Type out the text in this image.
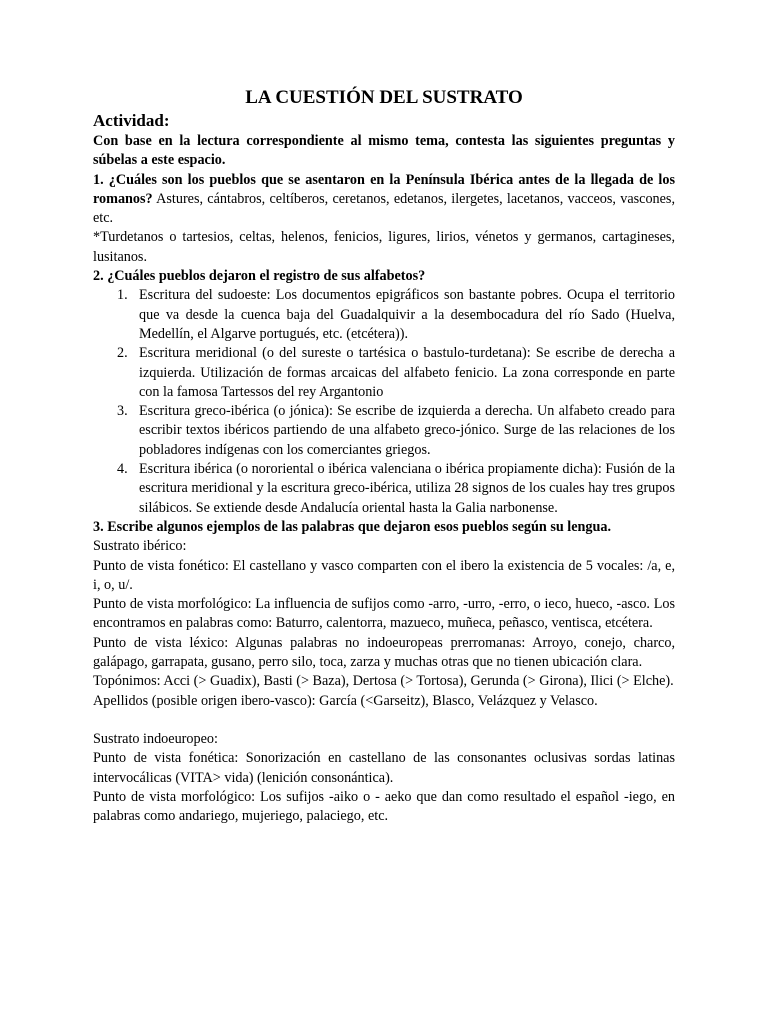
LA CUESTIÓN DEL SUSTRATO
Actividad:

Con base en la lectura correspondiente al mismo tema, contesta las siguientes preguntas y súbelas a este espacio.

1. ¿Cuáles son los pueblos que se asentaron en la Península Ibérica antes de la llegada de los romanos? Astures, cántabros, celtíberos, ceretanos, edetanos, ilergetes, lacetanos, vacceos, vascones, etc.

*Turdetanos o tartesios, celtas, helenos, fenicios, ligures, lirios, vénetos y germanos, cartagineses, lusitanos.

2. ¿Cuáles pueblos dejaron el registro de sus alfabetos?

1. Escritura del sudoeste: Los documentos epigráficos son bastante pobres. Ocupa el territorio que va desde la cuenca baja del Guadalquivir a la desembocadura del río Sado (Huelva, Medellín, el Algarve portugués, etc. (etcétera)).
2. Escritura meridional (o del sureste o tartésica o bastulo-turdetana): Se escribe de derecha a izquierda. Utilización de formas arcaicas del alfabeto fenicio. La zona corresponde en parte con la famosa Tartessos del rey Argantonio
3. Escritura greco-ibérica (o jónica): Se escribe de izquierda a derecha. Un alfabeto creado para escribir textos ibéricos partiendo de una alfabeto greco-jónico. Surge de las relaciones de los pobladores indígenas con los comerciantes griegos.
4. Escritura ibérica (o nororiental o ibérica valenciana o ibérica propiamente dicha): Fusión de la escritura meridional y la escritura greco-ibérica, utiliza 28 signos de los cuales hay tres grupos silábicos. Se extiende desde Andalucía oriental hasta la Galia narbonense.

3. Escribe algunos ejemplos de las palabras que dejaron esos pueblos según su lengua.

Sustrato ibérico:

Punto de vista fonético: El castellano y vasco comparten con el ibero la existencia de 5 vocales: /a, e, i, o, u/.

Punto de vista morfológico: La influencia de sufijos como -arro, -urro, -erro, o ieco, hueco, -asco. Los encontramos en palabras como: Baturro, calentorra, mazueco, muñeca, peñasco, ventisca, etcétera.

Punto de vista léxico: Algunas palabras no indoeuropeas prerromanas: Arroyo, conejo, charco, galápago, garrapata, gusano, perro silo, toca, zarza y muchas otras que no tienen ubicación clara.

Topónimos: Acci (> Guadix), Basti (> Baza), Dertosa (> Tortosa), Gerunda (> Girona), Ilici (> Elche).

Apellidos (posible origen ibero-vasco): García (<Garseitz), Blasco, Velázquez y Velasco.

Sustrato indoeuropeo:

Punto de vista fonética: Sonorización en castellano de las consonantes oclusivas sordas latinas intervocálicas (VITA> vida) (lenición consonántica).

Punto de vista morfológico: Los sufijos -aiko o - aeko que dan como resultado el español -iego, en palabras como andariego, mujeriego, palaciego, etc.
